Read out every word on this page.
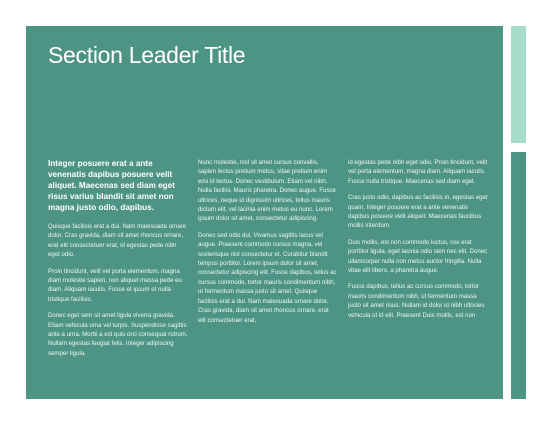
Section Leader Title

Integer posuere erat a ante venenatis dapibus posuere velit aliquet. Maecenas sed diam eget risus varius blandit sit amet non magna justo odio, dapibus.

Quisque facilisis erat a dui. Nam malesuada ornare dolor. Cras gravida, diam sit amet rhoncus ornare, erat elit consectetuer erat, id egestas pede nibh eget odio.

Proin tincidunt, velit vel porta elementum, magna diam molestie sapien, non aliquet massa pede eu diam. Aliquam iaculis. Fusce et ipsum et nulla tristique facilisis.

Donec eget sem sit amet ligula viverra gravida. Etiam vehicula urna vel turpis. Suspendisse sagittis ante a urna. Morbi a est quis orci consequat rutrum. Nullam egestas feugiat felis. Integer adipiscing semper ligula.

Nunc molestie, nisl sit amet cursus convallis, sapien lectus pretium metus, vitae pretium enim wisi id lectus. Donec vestibulum. Etiam vel nibh. Nulla facilisi. Mauris pharetra. Donec augue. Fusce ultrices, neque id dignissim ultrices, tellus mauris dictum elit, vel lacinia enim metus eu nunc. Lorem ipsum dolor sit amet, consectetur adipiscing.

Donec sed odio dui. Vivamus sagittis lacus vel augue. Praesent commodo cursus magna, vel scelerisque nisl consectetur et. Curabitur blandit tempus porttitor. Lorem ipsum dolor sit amet, consectetur adipiscing elit. Fusce dapibus, tellus ac cursus commodo, tortor mauris condimentum nibh, ut fermentum massa justo sit amet. Quisque facilisis erat a dui. Nam malesuada ornare dolor. Cras gravida, diam sit amet rhoncus ornare, erat elit consectetuer erat,

id egestas pede nibh eget odio. Proin tincidunt, velit vel porta elementum, magna diam. Aliquam iaculis. Fusce nulla tristique. Maecenas sed diam eget.

Cras justo odio, dapibus ac facilisis in, egestas eget quam. Integer posuere erat a ante venenatis dapibus posuere velit aliquet. Maecenas faucibus mollis interdum.

Duis mollis, est non commodo luctus, nisi erat porttitor ligula, eget lacinia odio sem nec elit. Donec ullamcorper nulla non metus auctor fringilla. Nulla vitae elit libero, a pharetra augue.

Fusce dapibus, tellus ac cursus commodo, tortor mauris condimentum nibh, ut fermentum massa justo sit amet risus. Nullam id dolor id nibh ultricies vehicula ut id elit. Praesent Duis mollis, est non
